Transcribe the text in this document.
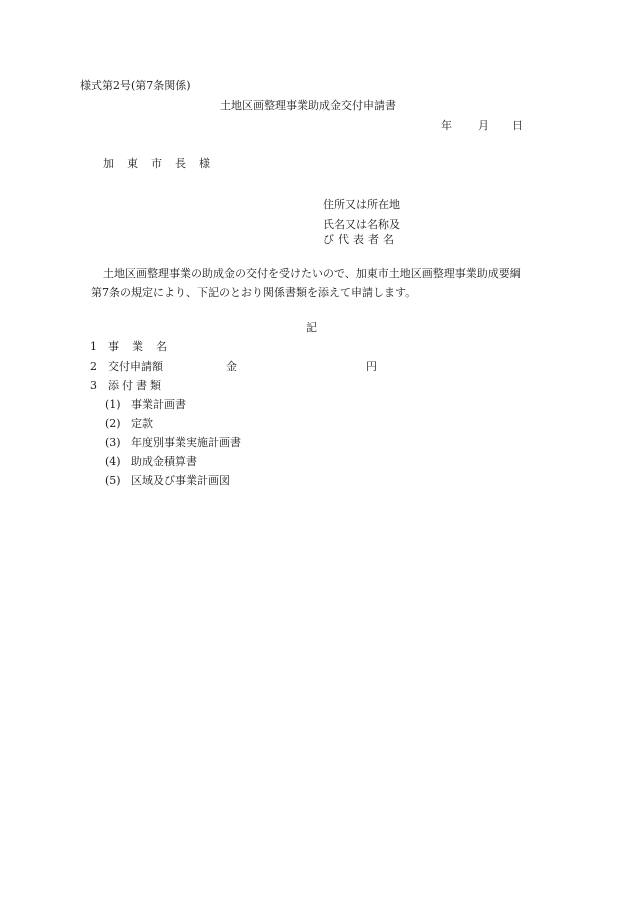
様式第2号(第7条関係)
土地区画整理事業助成金交付申請書
年 月 日
加東市長様
住所又は所在地
氏名又は名称及
び代表者名
土地区画整理事業の助成金の交付を受けたいので、加東市土地区画整理事業助成要綱
第7条の規定により、下記のとおり関係書類を添えて申請します。
記
1 事業名
2 交付申請額	金	円
3 添付書類
(1) 事業計画書
(2) 定款
(3) 年度別事業実施計画書
(4) 助成金積算書
(5) 区域及び事業計画図
